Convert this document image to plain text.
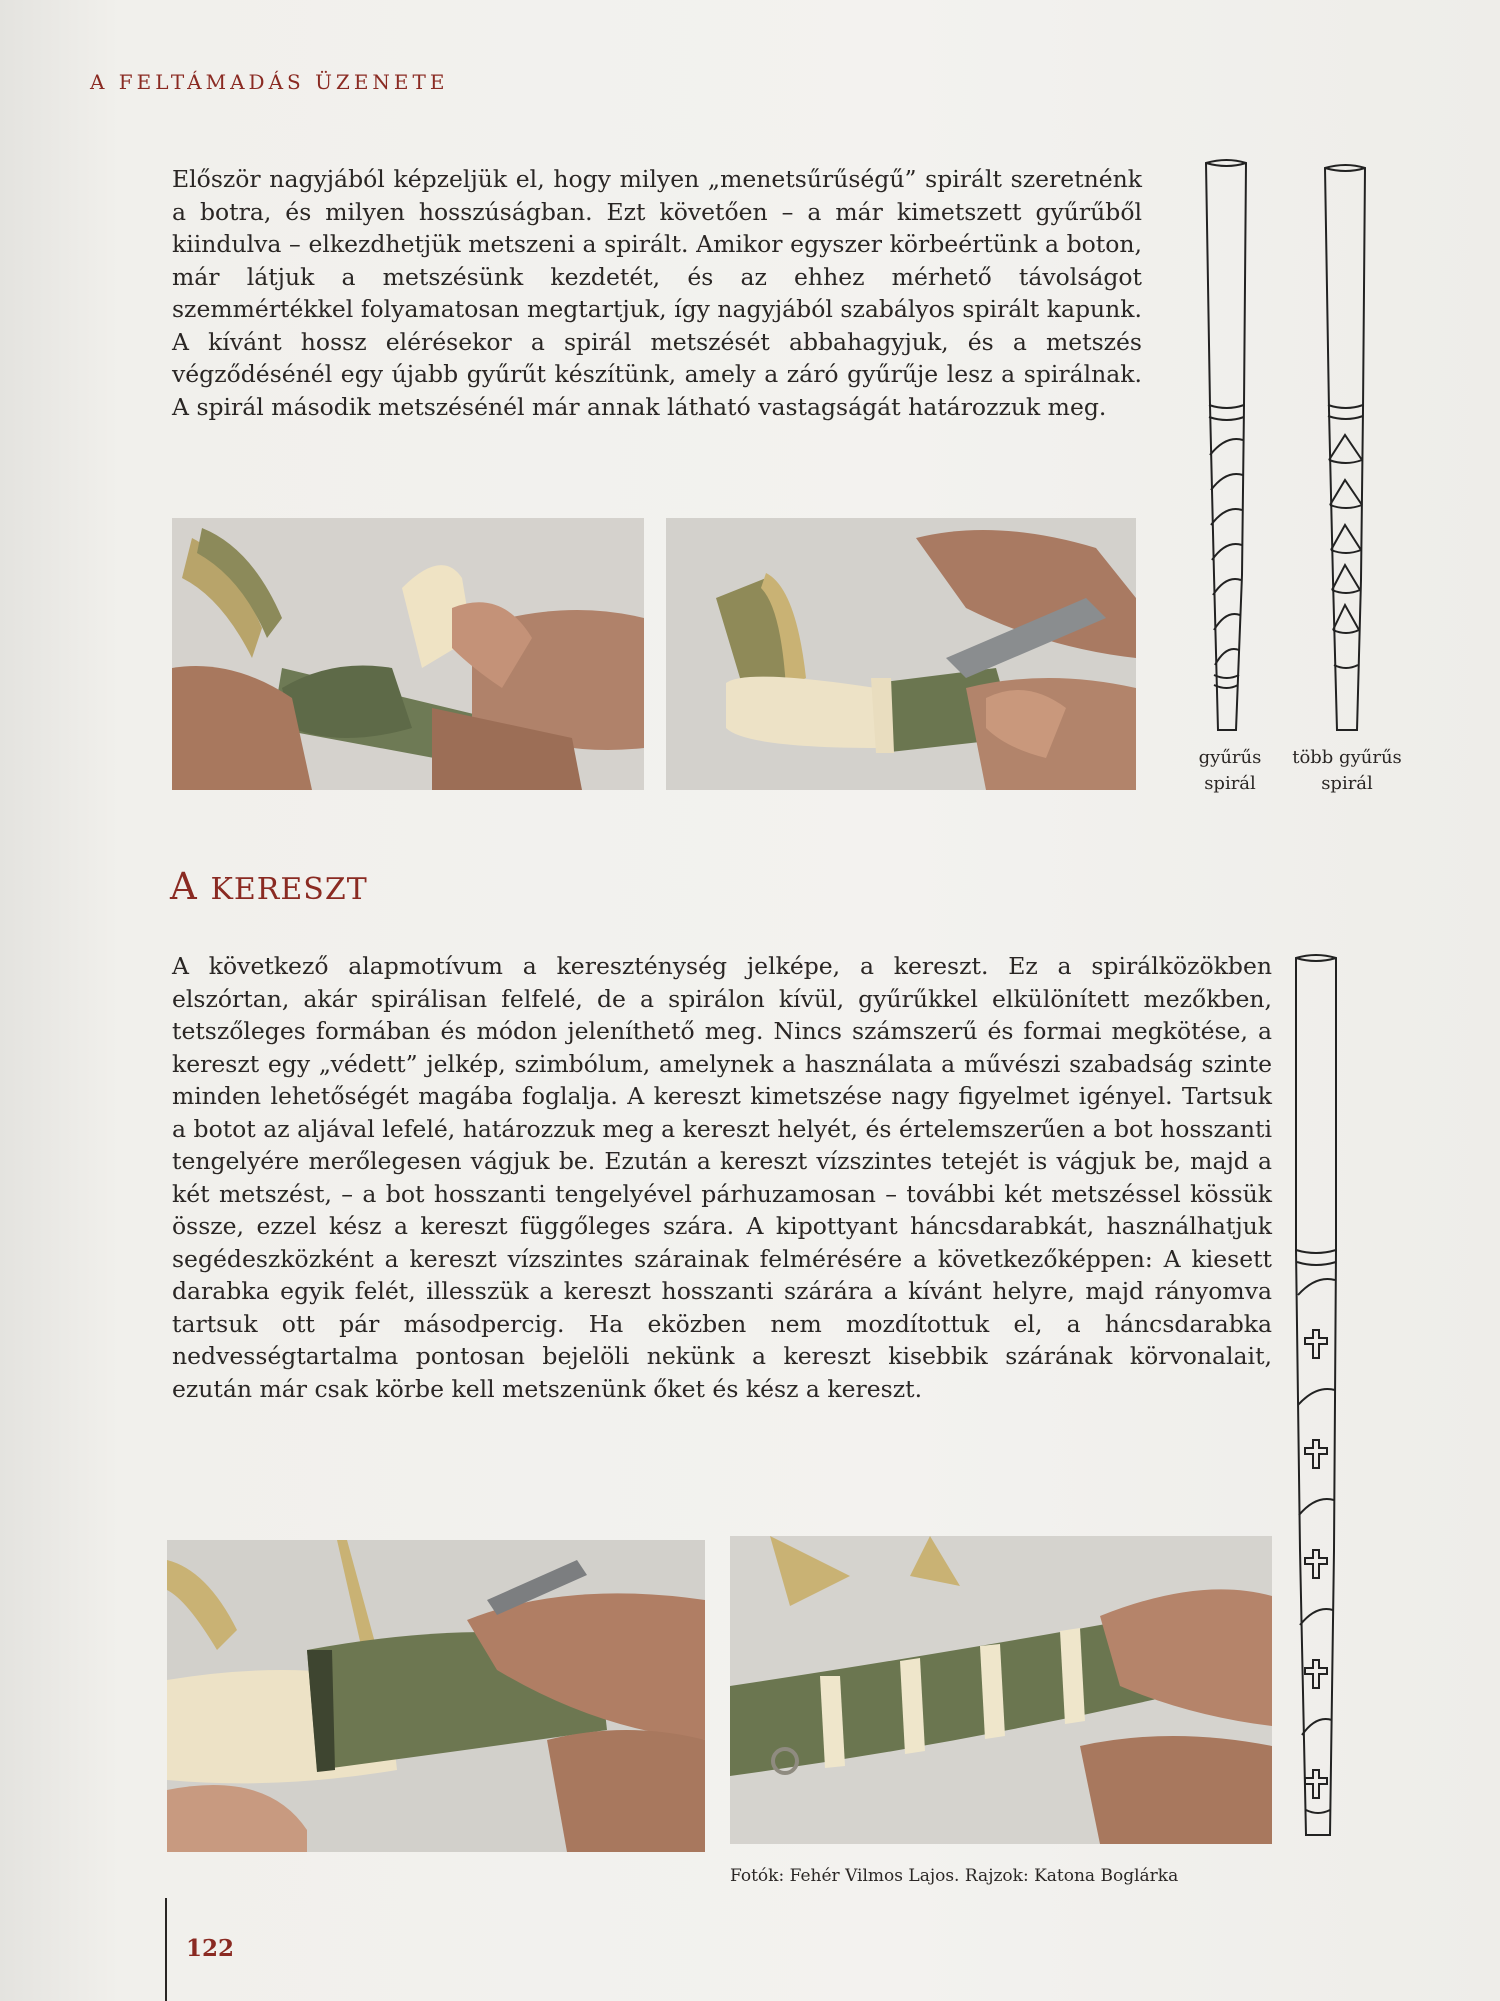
A FELTÁMADÁS ÜZENETE

Először nagyjából képzeljük el, hogy milyen „menetsűrűségű” spirált szeretnénk a botra, és milyen hosszúságban. Ezt követően – a már kimetszett gyűrűből kiindulva – elkezdhetjük metszeni a spirált. Amikor egyszer körbeértünk a boton, már látjuk a metszésünk kezdetét, és az ehhez mérhető távolságot szemmértékkel folyamatosan megtartjuk, így nagyjából szabályos spirált kapunk. A kívánt hossz elérésekor a spirál metszését abbahagyjuk, és a metszés végződésénél egy újabb gyűrűt készítünk, amely a záró gyűrűje lesz a spirálnak. A spirál második metszésénél már annak látható vastagságát határozzuk meg.

gyűrűs
spirál
több gyűrűs
spirál
A KERESZT

A következő alapmotívum a kereszténység jelképe, a kereszt. Ez a spirálközökben elszórtan, akár spirálisan felfelé, de a spirálon kívül, gyűrűkkel elkülönített mezőkben, tetszőleges formában és módon jeleníthető meg. Nincs számszerű és formai megkötése, a kereszt egy „védett” jelkép, szimbólum, amelynek a használata a művészi szabadság szinte minden lehetőségét magába foglalja. A kereszt kimetszése nagy figyelmet igényel. Tartsuk a botot az aljával lefelé, határozzuk meg a kereszt helyét, és értelemszerűen a bot hosszanti tengelyére merőlegesen vágjuk be. Ezután a kereszt vízszintes tetejét is vágjuk be, majd a két metszést, – a bot hosszanti tengelyével párhuzamosan – további két metszéssel kössük össze, ezzel kész a kereszt függőleges szára. A kipottyant háncsdarabkát, használhatjuk segédeszközként a kereszt vízszintes szárainak felmérésére a következőképpen: A kiesett darabka egyik felét, illesszük a kereszt hosszanti szárára a kívánt helyre, majd rányomva tartsuk ott pár másodpercig. Ha eközben nem mozdítottuk el, a háncsdarabka nedvességtartalma pontosan bejelöli nekünk a kereszt kisebbik szárának körvonalait, ezután már csak körbe kell metszenünk őket és kész a kereszt.

Fotók: Fehér Vilmos Lajos. Rajzok: Katona Boglárka
122
